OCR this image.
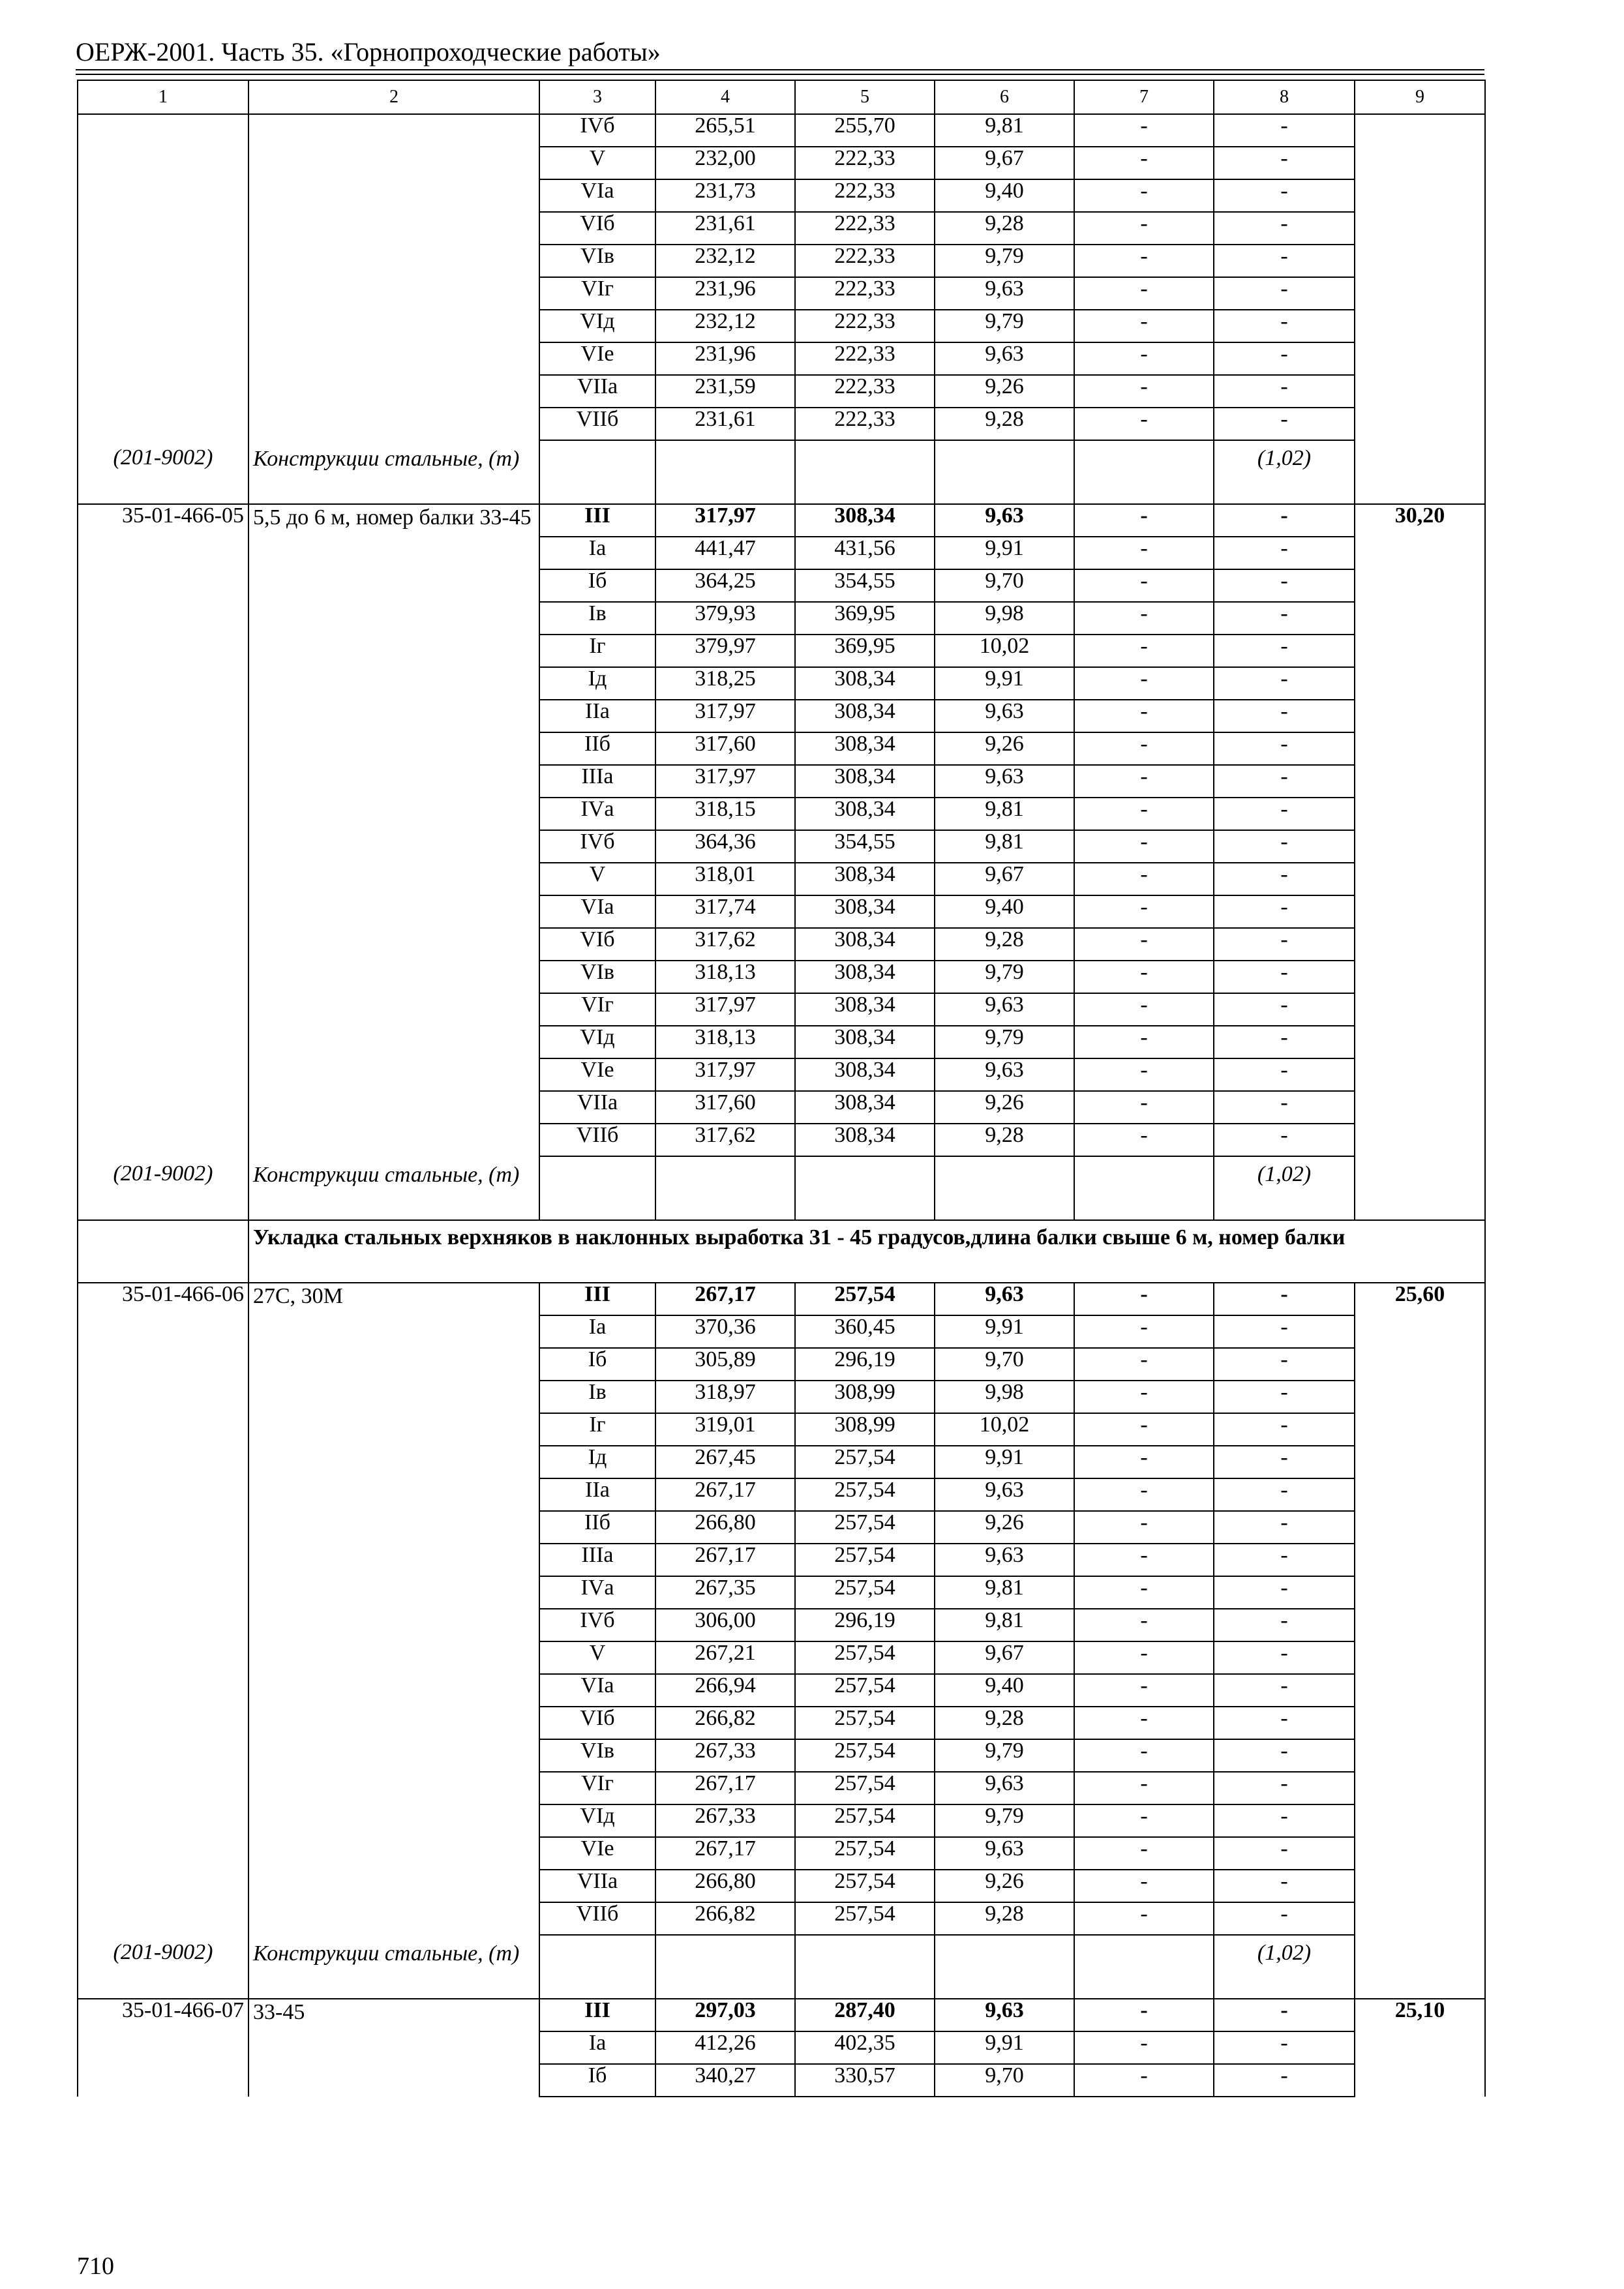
ОЕРЖ-2001. Часть 35. «Горнопроходческие работы»
1	2	3	4	5	6	7	8	9
		IVб	265,51	255,70	9,81	-	-	
		V	232,00	222,33	9,67	-	-	
		VIа	231,73	222,33	9,40	-	-	
		VIб	231,61	222,33	9,28	-	-	
		VIв	232,12	222,33	9,79	-	-	
		VIг	231,96	222,33	9,63	-	-	
		VIд	232,12	222,33	9,79	-	-	
		VIе	231,96	222,33	9,63	-	-	
		VIIа	231,59	222,33	9,26	-	-	
		VIIб	231,61	222,33	9,28	-	-	
(201-9002)	Конструкции стальные, (т)						(1,02)	
35-01-466-05	5,5 до 6 м, номер балки 33-45	III	317,97	308,34	9,63	-	-	30,20
		Iа	441,47	431,56	9,91	-	-	
		Iб	364,25	354,55	9,70	-	-	
		Iв	379,93	369,95	9,98	-	-	
		Iг	379,97	369,95	10,02	-	-	
		Iд	318,25	308,34	9,91	-	-	
		IIа	317,97	308,34	9,63	-	-	
		IIб	317,60	308,34	9,26	-	-	
		IIIа	317,97	308,34	9,63	-	-	
		IVа	318,15	308,34	9,81	-	-	
		IVб	364,36	354,55	9,81	-	-	
		V	318,01	308,34	9,67	-	-	
		VIа	317,74	308,34	9,40	-	-	
		VIб	317,62	308,34	9,28	-	-	
		VIв	318,13	308,34	9,79	-	-	
		VIг	317,97	308,34	9,63	-	-	
		VIд	318,13	308,34	9,79	-	-	
		VIе	317,97	308,34	9,63	-	-	
		VIIа	317,60	308,34	9,26	-	-	
		VIIб	317,62	308,34	9,28	-	-	
(201-9002)	Конструкции стальные, (т)						(1,02)	
	Укладка стальных верхняков в наклонных выработка 31 - 45 градусов,длина балки свыше 6 м, номер балки							
35-01-466-06	27С, 30М	III	267,17	257,54	9,63	-	-	25,60
		Iа	370,36	360,45	9,91	-	-	
		Iб	305,89	296,19	9,70	-	-	
		Iв	318,97	308,99	9,98	-	-	
		Iг	319,01	308,99	10,02	-	-	
		Iд	267,45	257,54	9,91	-	-	
		IIа	267,17	257,54	9,63	-	-	
		IIб	266,80	257,54	9,26	-	-	
		IIIа	267,17	257,54	9,63	-	-	
		IVа	267,35	257,54	9,81	-	-	
		IVб	306,00	296,19	9,81	-	-	
		V	267,21	257,54	9,67	-	-	
		VIа	266,94	257,54	9,40	-	-	
		VIб	266,82	257,54	9,28	-	-	
		VIв	267,33	257,54	9,79	-	-	
		VIг	267,17	257,54	9,63	-	-	
		VIд	267,33	257,54	9,79	-	-	
		VIе	267,17	257,54	9,63	-	-	
		VIIа	266,80	257,54	9,26	-	-	
		VIIб	266,82	257,54	9,28	-	-	
(201-9002)	Конструкции стальные, (т)						(1,02)	
35-01-466-07	33-45	III	297,03	287,40	9,63	-	-	25,10
		Iа	412,26	402,35	9,91	-	-	
		Iб	340,27	330,57	9,70	-	-	
710
